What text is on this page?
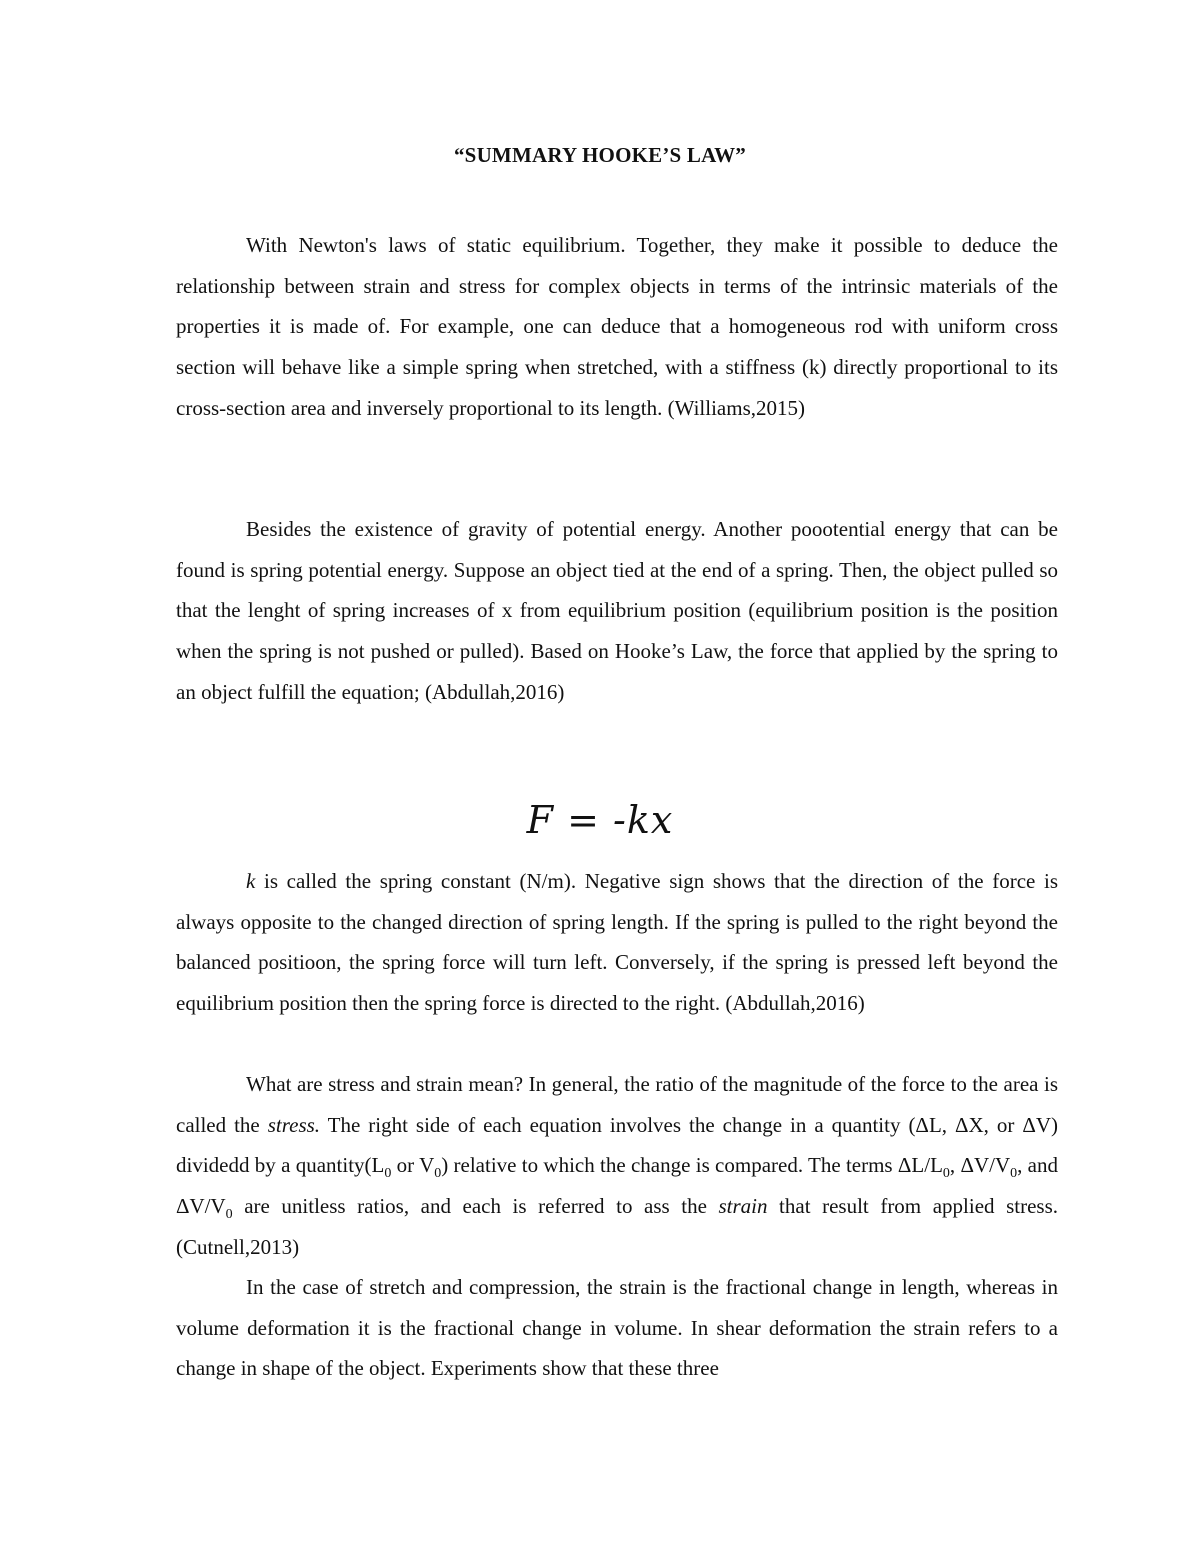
“SUMMARY HOOKE’S LAW”

With Newton's laws of static equilibrium. Together, they make it possible to deduce the relationship between strain and stress for complex objects in terms of the intrinsic materials of the properties it is made of. For example, one can deduce that a homogeneous rod with uniform cross section will behave like a simple spring when stretched, with a stiffness (k) directly proportional to its cross-section area and inversely proportional to its length. (Williams,2015)

Besides the existence of gravity of potential energy. Another poootential energy that can be found is spring potential energy. Suppose an object tied at the end of a spring. Then, the object pulled so that the lenght of spring increases of x from equilibrium position (equilibrium position is the position when the spring is not pushed or pulled). Based on Hooke’s Law, the force that applied by the spring to an object fulfill the equation; (Abdullah,2016)

F = -kx

k is called the spring constant (N/m). Negative sign shows that the direction of the force is always opposite to the changed direction of spring length. If the spring is pulled to the right beyond the balanced positioon, the spring force will turn left. Conversely, if the spring is pressed left beyond the equilibrium position then the spring force is directed to the right. (Abdullah,2016)

What are stress and strain mean? In general, the ratio of the magnitude of the force to the area is called the stress. The right side of each equation involves the change in a quantity (ΔL, ΔX, or ΔV) dividedd by a $quantity(L_0$ or $V_0$) relative to which the change is compared. The terms $\Delta L/L_0$, $\Delta V/V_0$, and $\Delta V/V_0$ are unitless ratios, and each is referred to ass the strain that result from applied stress. (Cutnell,2013)

In the case of stretch and compression, the strain is the fractional change in length, whereas in volume deformation it is the fractional change in volume. In shear deformation the strain refers to a change in shape of the object. Experiments show that these three
